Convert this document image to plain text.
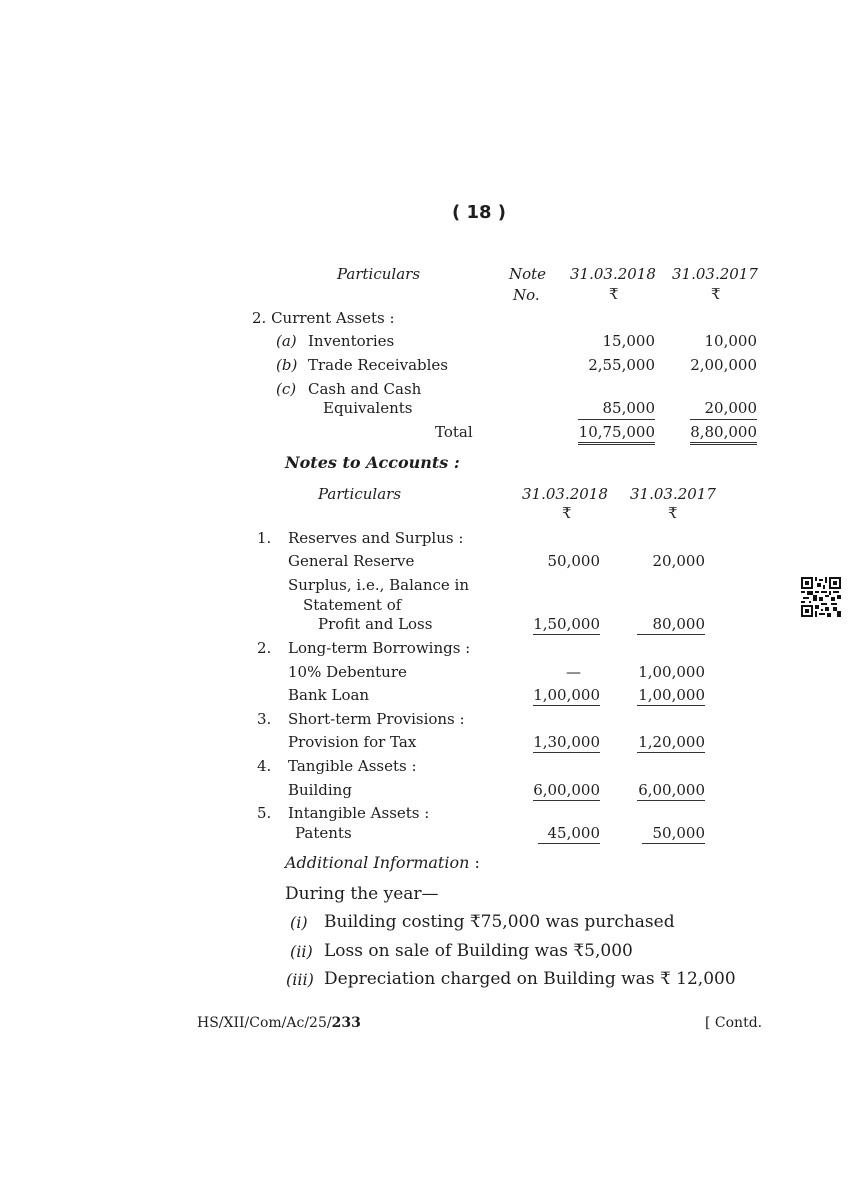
( 18 )
Particulars	Note
No.
31.03.2018 31.03.2017
₹	₹
2. Current Assets :
(a) Inventories	15,000	10,000
(b) Trade Receivables	2,55,000	2,00,000
(c) Cash and Cash
Equivalents	85,000	20,000
Total	10,75,000 8,80,000
Notes to Accounts :
Particulars	31.03.2018 31.03.2017
₹	₹
1. Reserves and Surplus :
General Reserve	50,000	20,000
Surplus, i.e., Balance in
Statement of
Profit and Loss	1,50,000	80,000
2. Long-term Borrowings :
10% Debenture	—	1,00,000
Bank Loan	1,00,000	1,00,000
3. Short-term Provisions :
Provision for Tax	1,30,000	1,20,000
4. Tangible Assets :
Building	6,00,000	6,00,000
5. Intangible Assets :
Patents	45,000	50,000
Additional Information :
During the year—
(i) Building costing ₹75,000 was purchased
(ii) Loss on sale of Building was ₹5,000
(iii) Depreciation charged on Building was ₹ 12,000
HS/XII/Com/Ac/25/233	[ Contd.
